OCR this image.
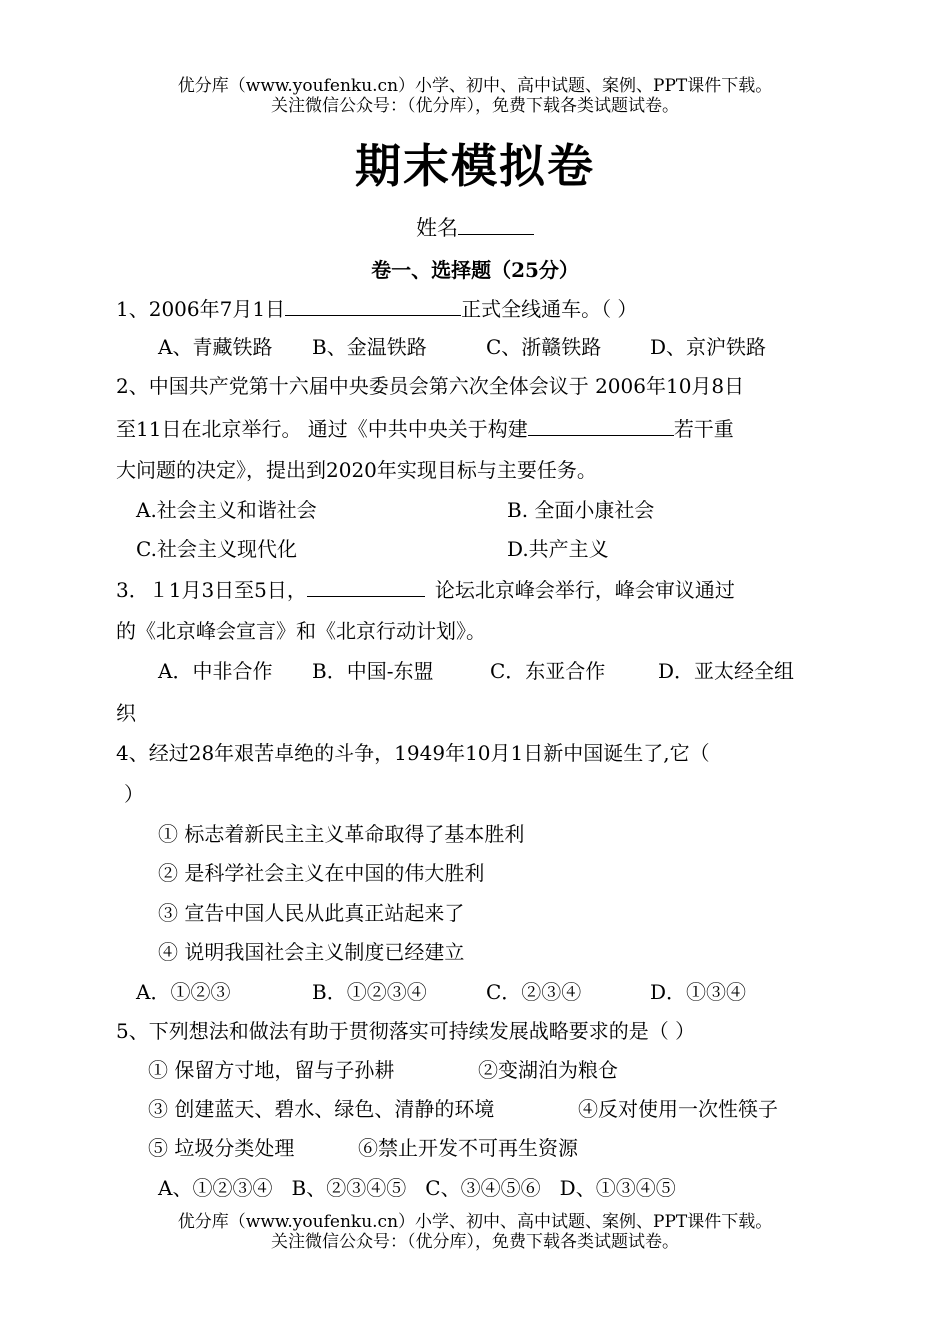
优分库（www.youfenku.cn）小学、初中、高中试题、案例、PPT课件下载。
关注微信公众号：（优分库），免费下载各类试题试卷。
期末模拟卷
姓名
卷一、选择题（25分）
1、2006年7月1日	正式全线通车。（ ）
A、青藏铁路 B、金温铁路	C、浙赣铁路 D、京沪铁路
2、中国共产党第十六届中央委员会第六次全体会议于 2006年10月8日
至11日在北京举行。 通过《中共中央关于构建	若干重
大问题的决定》，提出到2020年实现目标与主要任务。
A.社会主义和谐社会	B. 全面小康社会
C.社会主义现代化	D.共产主义
3．１1月3日至5日，	论坛北京峰会举行，峰会审议通过
的《北京峰会宣言》和《北京行动计划》。
A．中非合作 B．中国-东盟	C．东亚合作	D．亚太经全组
织
4、经过28年艰苦卓绝的斗争，1949年10月1日新中国诞生了,它（
）
① 标志着新民主主义革命取得了基本胜利
② 是科学社会主义在中国的伟大胜利
③ 宣告中国人民从此真正站起来了
④ 说明我国社会主义制度已经建立
A．①②③	B．①②③④	C．②③④	D．①③④
5、下列想法和做法有助于贯彻落实可持续发展战略要求的是（ ）
① 保留方寸地，留与子孙耕	②变湖泊为粮仓
③ 创建蓝天、碧水、绿色、清静的环境	④反对使用一次性筷子
⑤ 垃圾分类处理	⑥禁止开发不可再生资源
A、①②③④   B、②③④⑤   C、③④⑤⑥   D、①③④⑤
优分库（www.youfenku.cn）小学、初中、高中试题、案例、PPT课件下载。
关注微信公众号：（优分库），免费下载各类试题试卷。
